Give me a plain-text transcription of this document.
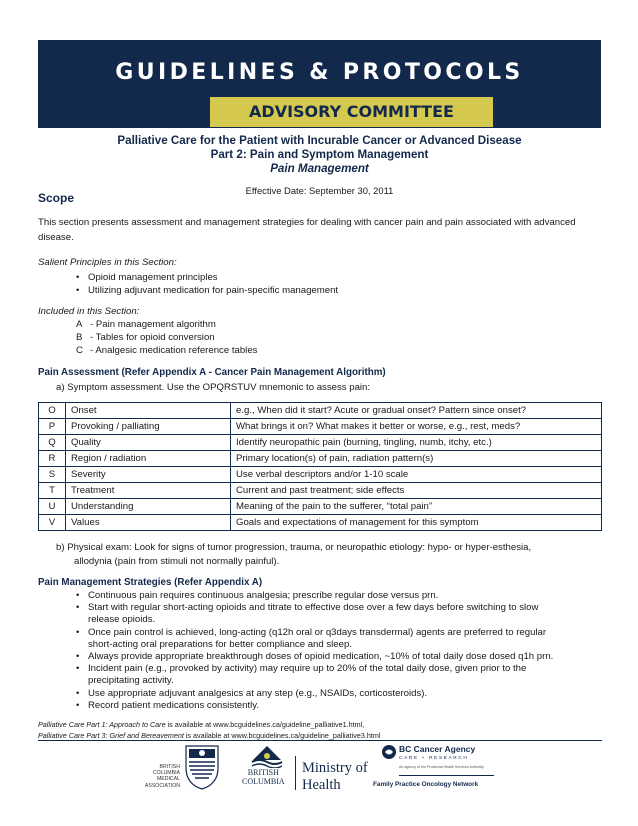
GUIDELINES & PROTOCOLS
ADVISORY COMMITTEE
Palliative Care for the Patient with Incurable Cancer or Advanced Disease
Part 2: Pain and Symptom Management
Pain Management
Effective Date: September 30, 2011
Scope
This section presents assessment and management strategies for dealing with cancer pain and pain associated with advanced disease.
Salient Principles in this Section:
• Opioid management principles
• Utilizing adjuvant medication for pain-specific management
Included in this Section:
A - Pain management algorithm
B - Tables for opioid conversion
C - Analgesic medication reference tables
Pain Assessment (Refer Appendix A - Cancer Pain Management Algorithm)
a) Symptom assessment. Use the OPQRSTUV mnemonic to assess pain:
O	Onset	e.g., When did it start? Acute or gradual onset? Pattern since onset?
P	Provoking / palliating	What brings it on? What makes it better or worse, e.g., rest, meds?
Q	Quality	Identify neuropathic pain (burning, tingling, numb, itchy, etc.)
R	Region / radiation	Primary location(s) of pain, radiation pattern(s)
S	Severity	Use verbal descriptors and/or 1-10 scale
T	Treatment	Current and past treatment; side effects
U	Understanding	Meaning of the pain to the sufferer, “total pain”
V	Values	Goals and expectations of management for this symptom
b) Physical exam: Look for signs of tumor progression, trauma, or neuropathic etiology: hypo- or hyper-esthesia,
allodynia (pain from stimuli not normally painful).
Pain Management Strategies (Refer Appendix A)
• Continuous pain requires continuous analgesia; prescribe regular dose versus prn.
• Start with regular short-acting opioids and titrate to effective dose over a few days before switching to slow
release opioids.
• Once pain control is achieved, long-acting (q12h oral or q3days transdermal) agents are preferred to regular
short-acting oral preparations for better compliance and sleep.
• Always provide appropriate breakthrough doses of opioid medication, ~10% of total daily dose dosed q1h prn.
• Incident pain (e.g., provoked by activity) may require up to 20% of the total daily dose, given prior to the
precipitating activity.
• Use appropriate adjuvant analgesics at any step (e.g., NSAIDs, corticosteroids).
• Record patient medications consistently.
Palliative Care Part 1: Approach to Care is available at www.bcguidelines.ca/guideline_palliative1.html,
Palliative Care Part 3: Grief and Bereavement is available at www.bcguidelines.ca/guideline_palliative3.html
BRITISH
COLUMBIA
MEDICAL
ASSOCIATION
BRITISH
COLUMBIA
Ministry of
Health
BC Cancer Agency
CARE + RESEARCH
An agency of the Provincial Health Services Authority
Family Practice Oncology Network
